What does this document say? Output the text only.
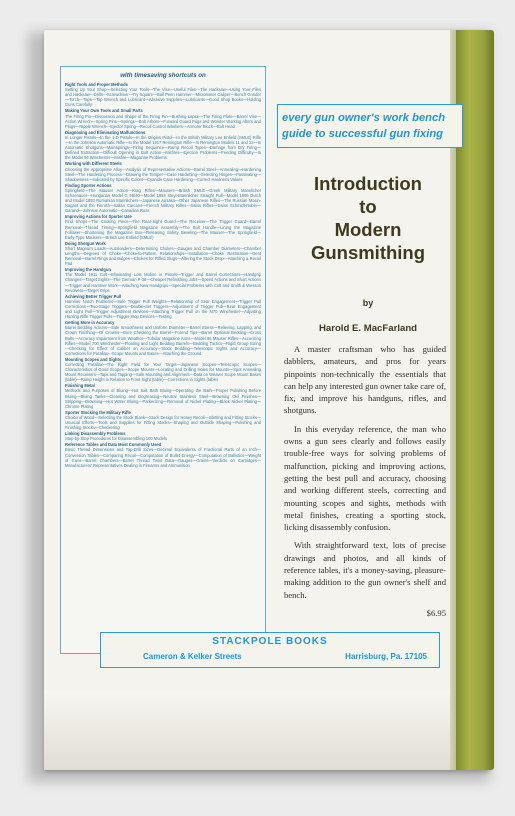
with timesaving shortcuts on
Right Tools and Proper Methods
Setting Up Your Shop—Selecting Your Tools—The Vise—Useful Files—The Hacksaw—Using Your Files and Hacksaw—Drills—Screwdriver—Try Square—Ball Peen Hammer—Micrometer Caliper—Bench Grinder—Torch—Taps—Tap Wrench and Lubricant—Abrasive Supplies—Lubricants—Good Shop Books—Holding Guns Carefully
Making Your Own Tools and Small Parts
The Firing Pin—Discussion and Shape of the Firing Pin—Bushing Lapse—The Firing Plate—Barrel Vise—Action Wrench—Spring Pins—Springs—Bolt Arbors—Forward Guard Pugs and Wonder Working Afters and Plugs—Nipple Wrench—Ejector Spring—Recoil Control Washers—Armorer Block—Bolt Head
Diagnosing and Eliminating Malfunctions
In Longer Pistols—In the 1-D Pistols—In the Origins Pistol—In the British Military Lee Enfield (SMLE) Rifle—In the Johnson Automatic Rifle—In the Model 1917 Remington Rifle—In Remington Models 11 and 12—In Automatic Shotguns—Mainsprings—Firing Sequence—Ramp Recoil Types—Damage from Dry Firing—Defined Extraction—Difficult Opening in Bolt Action—Misfires—Ejection Problems—Feeding Difficulty—In the Model 94 Winchester—Misfire—Magazine Problems
Working with Different Steels
Choosing the Appropriate Alloy—Analysis of Representative Actions—Barrel Steel—Annealing—Hardening Steel—The Hardening Process—Drawing the Temper—Case Hardening—Selecting Hinges—Passivating—Shadowness—Indicated by Specific Colors—Cyanide Case Hardening—Correct Hardness Values
Finding Sporter Actions
Springfield—The Mauser Action—Krag Rifles—Mausers—British SMLE—Greek Military Mannlicher Schoenauer—Hungarian Model G 98/40—Model 1893 Steyr-Mannlicher Straight Pull—Model 1895 Dutch and Model 1893 Rumanian Mannlichers—Japanese Arisaka—Other Japanese Rifles—The Russian Mosin-Nagant and the Finnish—Italian Carcano—French Military Rifles—Swiss Rifles—Swiss Schmidt-Rubin—Garand—Johnson Automatic—Canadian Ross
Improving Actions for Sporter Use
Find Shops—The Cocking Piece—The Rear-Sight Guard—The Receiver—The Trigger Guard—Barrel Removal—Thread Timing—Springfield Magazine Assembly—The Bolt Handle—Lining the Magazine Follower—Shortening the Magazine Box—Releasing Safety Beveling—The Mauser—The Springfield—Early-Type Mausers—British Lee Enfield (SMLE)
Doing Shotgun Work
Short Magnum Loads—Autoloaders—Determining Chokes—Gauges and Chamber Diameters—Chamber Lengths—Degrees of Choke—Choke-to-Pattern Relationships—Installation—Choke Restoration—Dent Removal—Barrel Rings and Bulges—Chokes for Rifled Slugs—Altering the Stock Drop—Attaching a Recoil Pad
Improving the Handgun
The Model 1911 Colt—Eliminating Lost Motion in Pistols—Trigger and Barrel Corrections—Handgrip Changes—Target Sights—The German P-38—Cheaper Refinishing Jobs—Speed Actions and Short Actions—Trigger and Hammer Work—Attaching New Handgrips—Special Problems with Colt and Smith & Wesson Revolvers—Target Grips
Achieving Better Trigger Pull
Hammer Notch Problems—Safe Trigger Pull Weights—Relationship of Sear Engagement—Trigger Pull Corrections—Two-Stage Triggers—Double-Set Triggers—Adjustment of Trigger Pull—Rear Engagement and Light Pull—Trigger Adjustment Devices—Attaching Trigger Pull on the M70 Winchester—Adjusting Hunting Rifle Trigger Pulls—Trigger Stop Devices—Testing
Getting More in Accuracy
Barrel Bedding Actions—Side Smoothness and Uniform Diameter—Barrel Stress—Relieving, Lapping, and Crown Finishing—Of Crowns—Bore Checking the Barrel—Forend Tips—Barrel Optional Bedding—Cross Bolts—Accuracy Impairment from Weather—Tubular Magazine Arms—Model 98 Mauser Rifles—Accurizing Rifles—Model 700 Winchester—Floating and Light Bedding Barrels—Bedding Tactics—Rigid Group Sizing—Checking for Effect of Caliber on Accuracy—Stock Bedding—Telescopic Sights and Accuracy—Corrections for Parallax—Scope Mounts and Bases—Attaching the Ground
Mounting Scopes and Sights
Correcting Parallax—The Right Field for Your Target—Japanese Scopes—Telescopic Scopes—Characteristics of Good Scopes—Scope Mounts—Locating and Drilling Holes for Mounts—Spot Annealing Mount Receivers—Taps and Tapping—Safe Mounting and Alignment—Data on Weaver Scope Mount Bases (table)—Ramp Height in Relation to Front Sight (table)—Corrections in Sights (table)
Finishing Metal
Methods and Purposes of Bluing—Hot Salt Bath Bluing—Operating the Bath—Proper Polishing Before Bluing—Bluing Tanks—Cleaning and Degreasing—Neutral Stainless Steel—Browning Old Finishes—Stripping—Browning—Hot Water Bluing—Parkerizing—Removal of Nickel Plating—Black Nickel Plating—Chrome Plating
Sporter Stocking the Military Rifle
Choice of Wood—Selecting the Stock Blank—Stock Design for Heavy Recoil—Inletting and Fitting Stocks—Unusual Efforts—Tools and Supplies for Fitting Stocks—Shaping and Outside Shaping—Polishing and Finishing Stocks—Checkering
Linking Disassembly Problems
Step-by-Step Procedures for Disassembling 100 Models
Reference Tables and Data Most Commonly Used
Basic Thread Dimensions and Tap-Drill Sizes—Decimal Equivalents of Fractional Parts of an Inch—Conversion Tables—Comparing Recoil—Computation of Bullet Energy—Computation of Ballistics—Weight of Guns—Barrel Chambers—Barrel Thread Twist Data—Gauges—Grains—Verdicts on Cartridges—Manufacturers' Representatives Dealing in Firearms and Ammunition
every gun owner's work bench
guide to successful gun fixing
Introduction
to
Modern
Gunsmithing
by
Harold E. MacFarland

A master craftsman who has guided dabblers, amateurs, and pros for years pinpoints non-technically the essentials that can help any interested gun owner take care of, fix, and improve his handguns, rifles, and shotguns.

In this everyday reference, the man who owns a gun sees clearly and follows easily trouble-free ways for solving problems of malfunction, picking and improving actions, getting the best pull and accuracy, choosing and working different steels, correcting and mounting scopes and sights, methods with metal finishes, creating a sporting stock, licking disassembly confusion.

With straightforward text, lots of precise drawings and photos, and all kinds of reference tables, it's a money-saving, pleasure-making addition to the gun owner's shelf and bench.

$6.95
STACKPOLE BOOKS
Cameron & Kelker Streets	Harrisburg, Pa. 17105
